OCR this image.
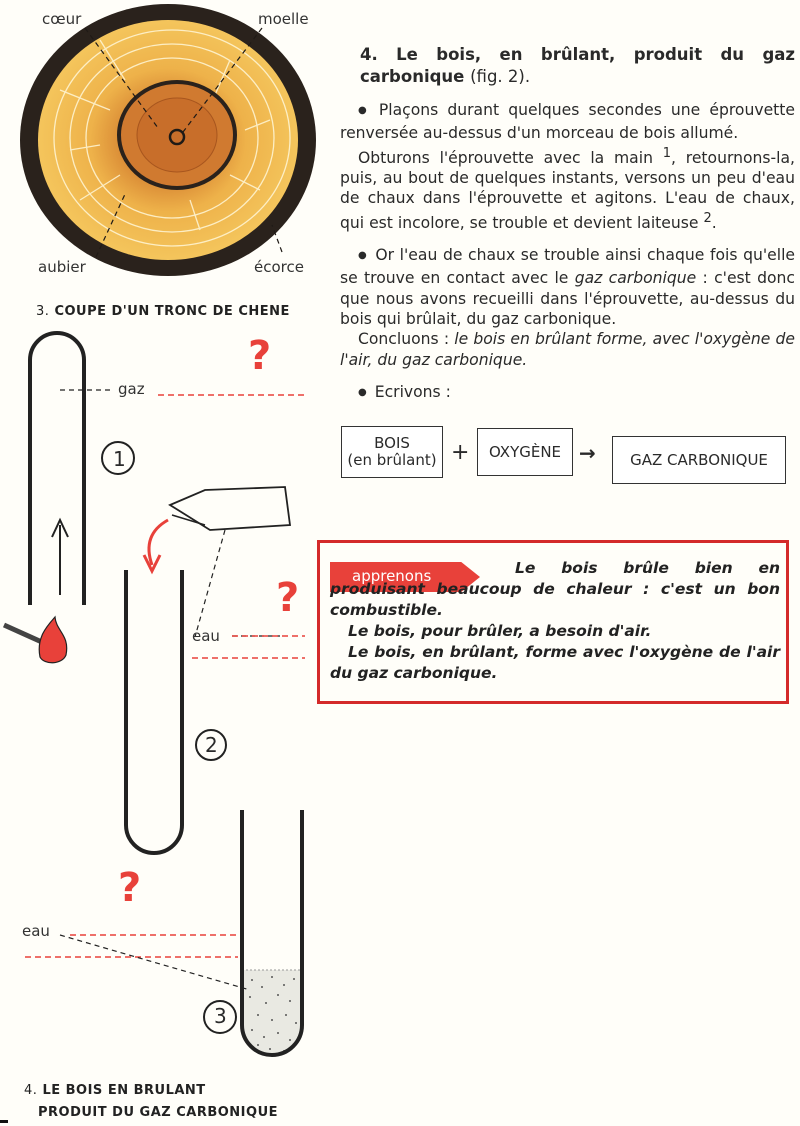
cœur	moelle
aubier	écorce
3. COUPE D'UN TRONC DE CHENE
gaz
eau
eau
1
2
3
?
?
?
4. LE BOIS EN BRULANT
PRODUIT DU GAZ CARBONIQUE

4. Le bois, en brûlant, produit du gaz carbonique (fig. 2).

● Plaçons durant quelques secondes une éprouvette renversée au-dessus d'un morceau de bois allumé.

Obturons l'éprouvette avec la main $^1$, retournons-la, puis, au bout de quelques instants, versons un peu d'eau de chaux dans l'éprouvette et agitons. L'eau de chaux, qui est incolore, se trouble et devient laiteuse $^2$.

● Or l'eau de chaux se trouble ainsi chaque fois qu'elle se trouve en contact avec le gaz carbonique : c'est donc que nous avons recueilli dans l'éprouvette, au-dessus du bois qui brûlait, du gaz carbonique.

Concluons : le bois en brûlant forme, avec l'oxygène de l'air, du gaz carbonique.

● Ecrivons :

BOIS
(en brûlant) + OXYGÈNE → GAZ CARBONIQUE
apprenons	Le bois brûle bien en produisant beaucoup de chaleur : c'est un bon combustible.
Le bois, pour brûler, a besoin d'air.
Le bois, en brûlant, forme avec l'oxygène de l'air du gaz carbonique.
